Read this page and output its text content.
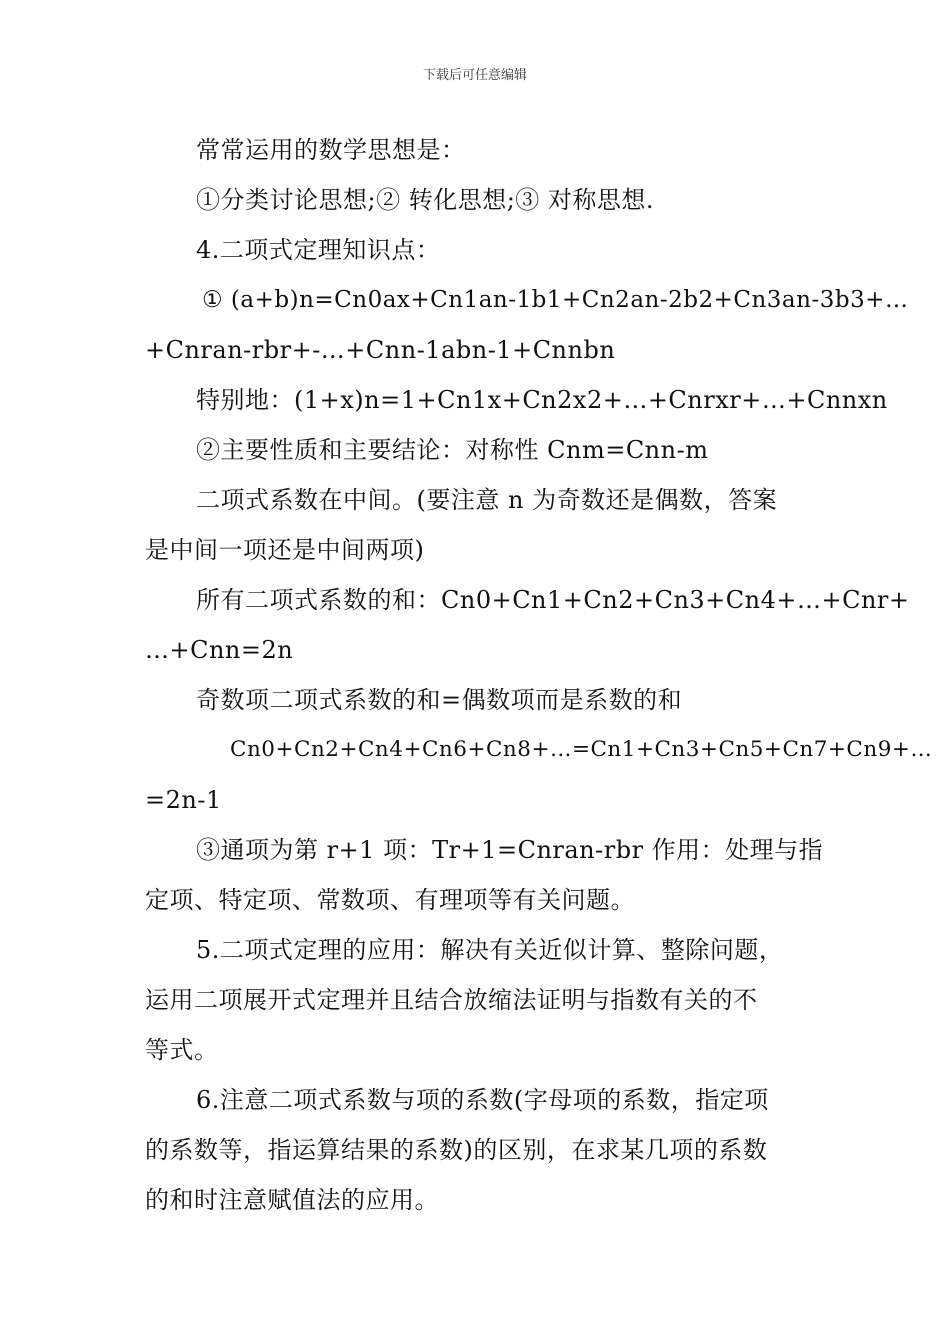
下载后可任意编辑

常常运用的数学思想是：

①分类讨论思想;② 转化思想;③ 对称思想.

4.二项式定理知识点：

① (a+b)n=Cn0ax+Cn1an-1b1+Cn2an-2b2+Cn3an-3b3+…

+Cnran-rbr+-…+Cnn-1abn-1+Cnnbn

特别地：(1+x)n=1+Cn1x+Cn2x2+…+Cnrxr+…+Cnnxn

②主要性质和主要结论：对称性 Cnm=Cnn-m

二项式系数在中间。(要注意 n 为奇数还是偶数，答案

是中间一项还是中间两项)

所有二项式系数的和：Cn0+Cn1+Cn2+Cn3+Cn4+…+Cnr+

…+Cnn=2n

奇数项二项式系数的和=偶数项而是系数的和

Cn0+Cn2+Cn4+Cn6+Cn8+…=Cn1+Cn3+Cn5+Cn7+Cn9+…

=2n-1

③通项为第 r+1 项：Tr+1=Cnran-rbr 作用：处理与指

定项、特定项、常数项、有理项等有关问题。

5.二项式定理的应用：解决有关近似计算、整除问题，

运用二项展开式定理并且结合放缩法证明与指数有关的不

等式。

6.注意二项式系数与项的系数(字母项的系数，指定项

的系数等，指运算结果的系数)的区别，在求某几项的系数

的和时注意赋值法的应用。
